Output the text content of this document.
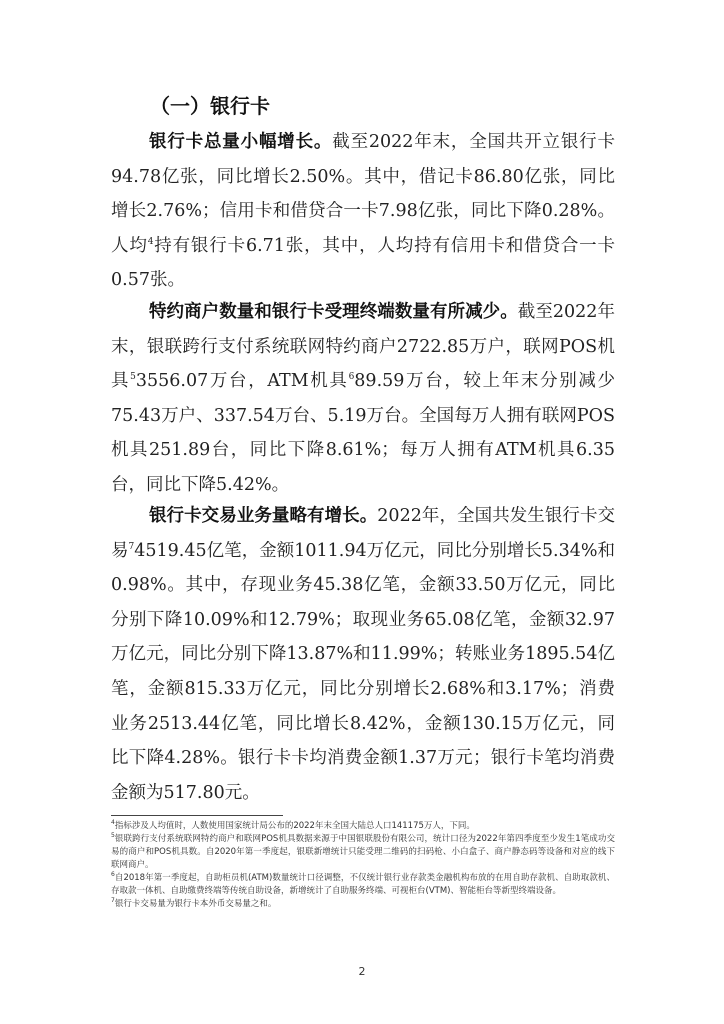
（一）银行卡

银行卡总量小幅增长。截至2022年末，全国共开立银行卡94.78亿张，同比增长2.50%。其中，借记卡86.80亿张，同比增长2.76%；信用卡和借贷合一卡7.98亿张，同比下降0.28%。人均$^4$持有银行卡6.71张，其中，人均持有信用卡和借贷合一卡0.57张。

特约商户数量和银行卡受理终端数量有所减少。截至2022年末，银联跨行支付系统联网特约商户2722.85万户，联网POS机具$^5$3556.07万台，ATM机具$^6$89.59万台，较上年末分别减少75.43万户、337.54万台、5.19万台。全国每万人拥有联网POS机具251.89台，同比下降8.61%；每万人拥有ATM机具6.35台，同比下降5.42%。

银行卡交易业务量略有增长。2022年，全国共发生银行卡交易$^7$4519.45亿笔，金额1011.94万亿元，同比分别增长5.34%和0.98%。其中，存现业务45.38亿笔，金额33.50万亿元，同比分别下降10.09%和12.79%；取现业务65.08亿笔，金额32.97万亿元，同比分别下降13.87%和11.99%；转账业务1895.54亿笔，金额815.33万亿元，同比分别增长2.68%和3.17%；消费业务2513.44亿笔，同比增长8.42%，金额130.15万亿元，同比下降4.28%。银行卡卡均消费金额1.37万元；银行卡笔均消费金额为517.80元。

$^4$指标涉及人均值时，人数使用国家统计局公布的2022年末全国大陆总人口141175万人，下同。

$^5$银联跨行支付系统联网特约商户和联网POS机具数据来源于中国银联股份有限公司，统计口径为2022年第四季度至少发生1笔成功交易的商户和POS机具数。自2020年第一季度起，银联新增统计只能受理二维码的扫码枪、小白盒子、商户静态码等设备和对应的线下联网商户。

$^6$自2018年第一季度起，自助柜员机(ATM)数量统计口径调整，不仅统计银行业存款类金融机构布放的在用自助存款机、自助取款机、存取款一体机、自助缴费终端等传统自助设备，新增统计了自助服务终端、可视柜台(VTM)、智能柜台等新型终端设备。

$^7$银行卡交易量为银行卡本外币交易量之和。

2
